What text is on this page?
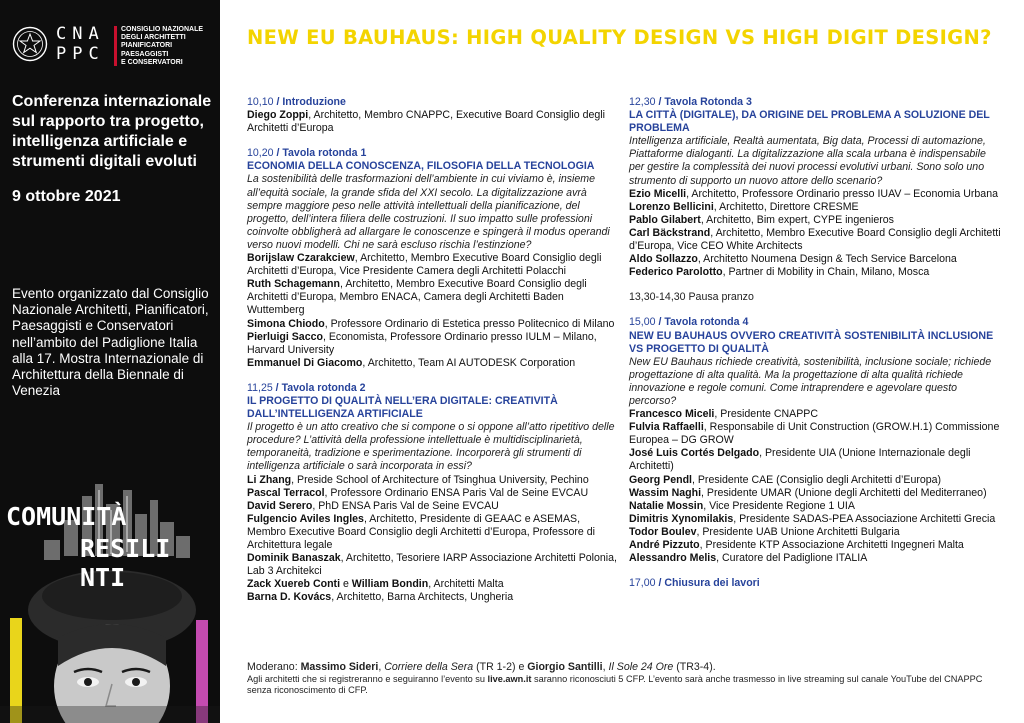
CNA
PPC
CONSIGLIO NAZIONALE
DEGLI ARCHITETTI
PIANIFICATORI
PAESAGGISTI
E CONSERVATORI
Conferenza internazionale sul rapporto tra progetto, intelligenza artificiale e strumenti digitali evoluti
9 ottobre 2021
Evento organizzato dal Consiglio Nazionale Architetti, Pianificatori, Paesaggisti e Conservatori nell’ambito del Padiglione Italia alla 17. Mostra Internazionale di Architettura della Biennale di Venezia
COMUNITÀ
RESILINTI
NEW EU BAUHAUS: HIGH QUALITY DESIGN VS HIGH DIGIT DESIGN?
10,10 / Introduzione
Diego Zoppi, Architetto, Membro CNAPPC, Executive Board Consiglio degli Architetti d’Europa
10,20 / Tavola rotonda 1
ECONOMIA DELLA CONOSCENZA, FILOSOFIA DELLA TECNOLOGIA
La sostenibilità delle trasformazioni dell’ambiente in cui viviamo è, insieme all’equità sociale, la grande sfida del XXI secolo. La digitalizzazione avrà sempre maggiore peso nelle attività intellettuali della pianificazione, del progetto, dell’intera filiera delle costruzioni. Il suo impatto sulle professioni coinvolte obbligherà ad allargare le conoscenze e spingerà il modus operandi verso nuovi modelli. Chi ne sarà escluso rischia l’estinzione?
Borijslaw Czarakciew, Architetto, Membro Executive Board Consiglio degli Architetti d’Europa, Vice Presidente Camera degli Architetti Polacchi
Ruth Schagemann, Architetto, Membro Executive Board Consiglio degli Architetti d’Europa, Membro ENACA, Camera degli Architetti Baden Wuttemberg
Simona Chiodo, Professore Ordinario di Estetica presso Politecnico di Milano
Pierluigi Sacco, Economista, Professore Ordinario presso IULM – Milano, Harvard University
Emmanuel Di Giacomo, Architetto, Team AI AUTODESK Corporation
11,25 / Tavola rotonda 2
IL PROGETTO DI QUALITÀ NELL’ERA DIGITALE: CREATIVITÀ DALL’INTELLIGENZA ARTIFICIALE
Il progetto è un atto creativo che si compone o si oppone all’atto ripetitivo delle procedure? L’attività della professione intellettuale è multidisciplinarietà, temporaneità, tradizione e sperimentazione. Incorporerà gli strumenti di intelligenza artificiale o sarà incorporata in essi?
Li Zhang, Preside School of Architecture of Tsinghua University, Pechino
Pascal Terracol, Professore Ordinario ENSA Paris Val de Seine EVCAU
David Serero, PhD ENSA Paris Val de Seine EVCAU
Fulgencio Aviles Ingles, Architetto, Presidente di GEAAC e ASEMAS, Membro Executive Board Consiglio degli Architetti d’Europa, Professore di Architettura legale
Dominik Banaszak, Architetto, Tesoriere IARP Associazione Architetti Polonia, Lab 3 Architekci
Zack Xuereb Conti e William Bondin, Architetti Malta
Barna D. Kovács, Architetto, Barna Architects, Ungheria
12,30 / Tavola Rotonda 3
LA CITTÀ (DIGITALE), DA ORIGINE DEL PROBLEMA A SOLUZIONE DEL PROBLEMA
Intelligenza artificiale, Realtà aumentata, Big data, Processi di automazione, Piattaforme dialoganti. La digitalizzazione alla scala urbana è indispensabile per gestire la complessità dei nuovi processi evolutivi urbani. Sono solo uno strumento di supporto un nuovo attore dello scenario?
Ezio Micelli, Architetto, Professore Ordinario presso IUAV – Economia Urbana
Lorenzo Bellicini, Architetto, Direttore CRESME
Pablo Gilabert, Architetto, Bim expert, CYPE ingenieros
Carl Bäckstrand, Architetto, Membro Executive Board Consiglio degli Architetti d’Europa, Vice CEO White Architects
Aldo Sollazzo, Architetto Noumena Design & Tech Service Barcelona
Federico Parolotto, Partner di Mobility in Chain, Milano, Mosca
13,30-14,30 Pausa pranzo
15,00 / Tavola rotonda 4
NEW EU BAUHAUS OVVERO CREATIVITÀ SOSTENIBILITÀ INCLUSIONE VS PROGETTO DI QUALITÀ
New EU Bauhaus richiede creatività, sostenibilità, inclusione sociale; richiede progettazione di alta qualità. Ma la progettazione di alta qualità richiede innovazione e regole comuni. Come intraprendere e agevolare questo percorso?
Francesco Miceli, Presidente CNAPPC
Fulvia Raffaelli, Responsabile di Unit Construction (GROW.H.1) Commissione Europea – DG GROW
José Luis Cortés Delgado, Presidente UIA (Unione Internazionale degli Architetti)
Georg Pendl, Presidente CAE (Consiglio degli Architetti d’Europa)
Wassim Naghi, Presidente UMAR (Unione degli Architetti del Mediterraneo)
Natalie Mossin, Vice Presidente Regione 1 UIA
Dimitris Xynomilakis, Presidente SADAS-PEA Associazione Architetti Grecia
Todor Boulev, Presidente UAB Unione Architetti Bulgaria
André Pizzuto, Presidente KTP Associazione Architetti Ingegneri Malta
Alessandro Melis, Curatore del Padiglione ITALIA
17,00 / Chiusura dei lavori
Moderano: Massimo Sideri, Corriere della Sera (TR 1-2) e Giorgio Santilli, Il Sole 24 Ore (TR3-4).
Agli architetti che si registreranno e seguiranno l’evento su live.awn.it saranno riconosciuti 5 CFP. L’evento sarà anche trasmesso in live streaming sul canale YouTube del CNAPPC senza riconoscimento di CFP.
